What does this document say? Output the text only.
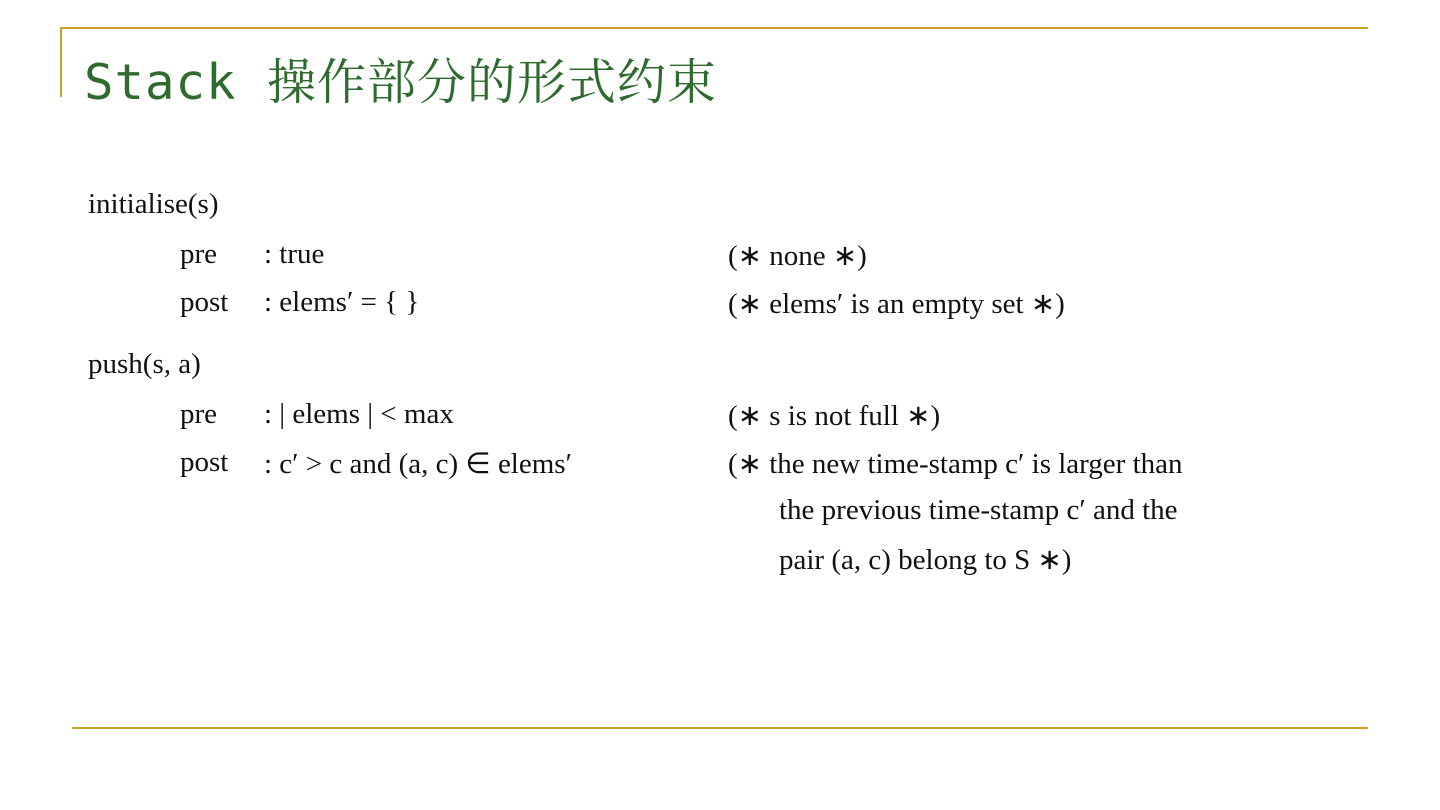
Stack 操作部分的形式约束
initialise(s)
pre : true	(∗ none ∗)
post : elems′ = { }	(∗ elems′ is an empty set ∗)
push(s, a)
pre : | elems | < max	(∗ s is not full ∗)
post : c′ > c and (a, c) ∈ elems′	(∗ the new time-stamp c′ is larger than
the previous time-stamp c′ and the
pair (a, c) belong to S ∗)
